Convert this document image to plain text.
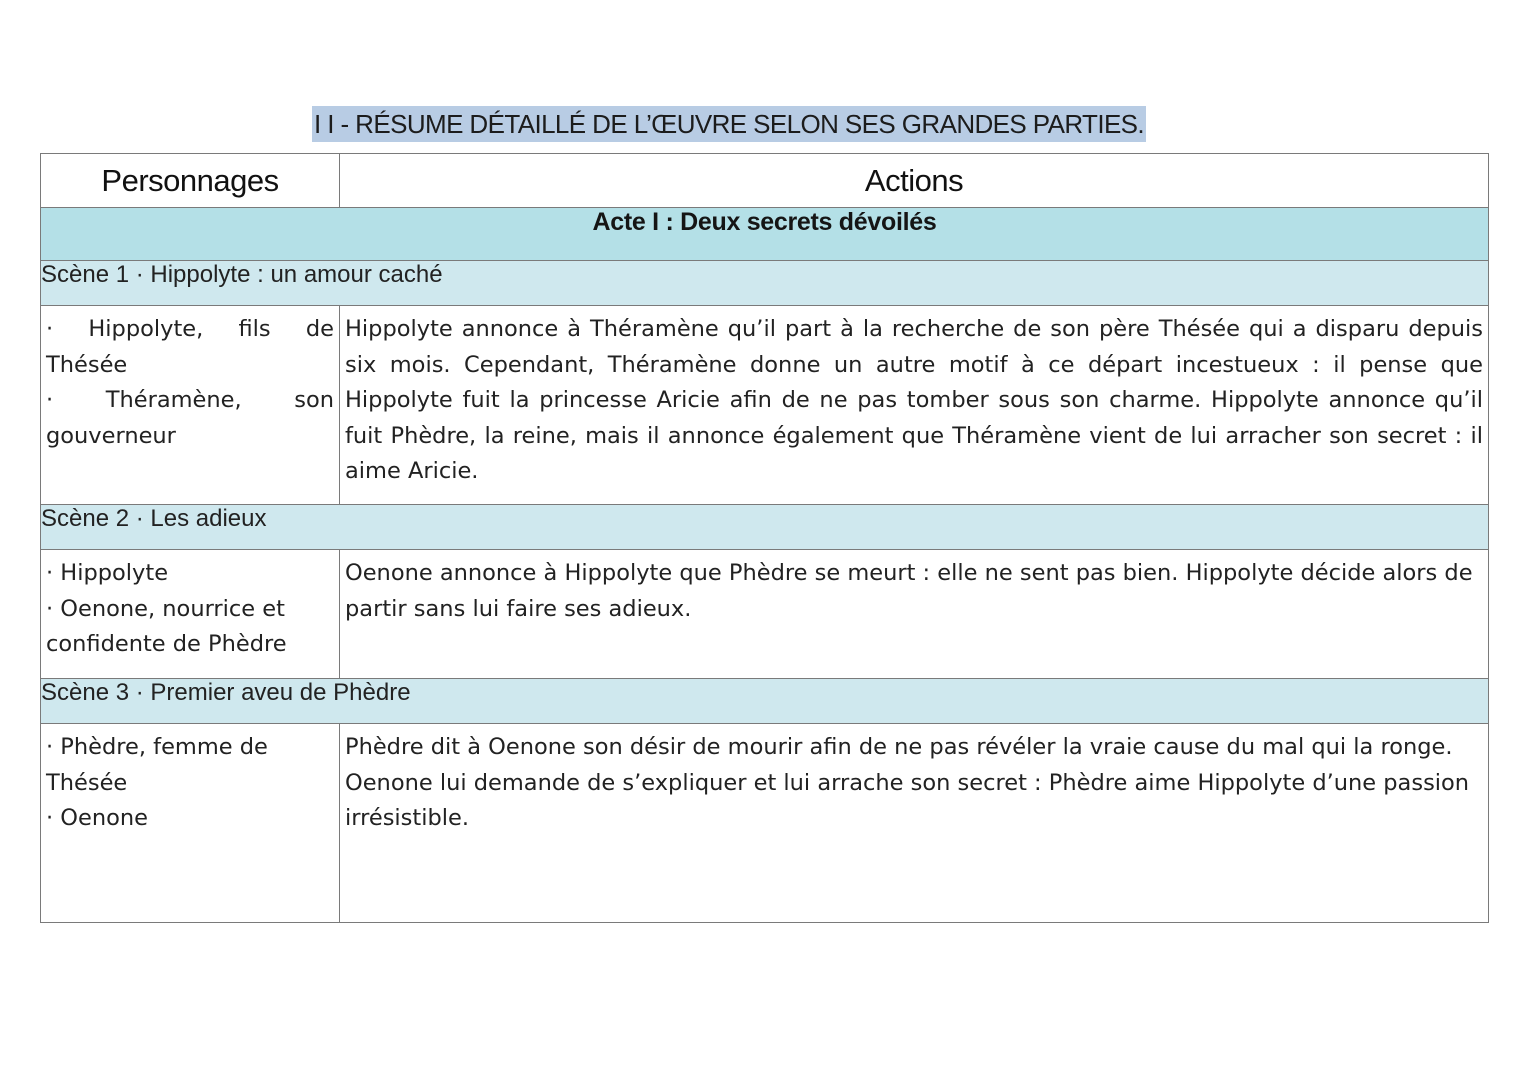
I I - RÉSUME DÉTAILLÉ DE L’ŒUVRE SELON SES GRANDES PARTIES.
Personnages	Actions
Acte I : Deux secrets dévoilés	
Scène 1 · Hippolyte : un amour caché	

· Hippolyte, fils de Thésée
· Théramène, son gouverneur	Hippolyte annonce à Théramène qu’il part à la recherche de son père Thésée qui a disparu depuis six mois. Cependant, Théramène donne un autre motif à ce départ incestueux : il pense que Hippolyte fuit la princesse Aricie afin de ne pas tomber sous son charme. Hippolyte annonce qu’il fuit Phèdre, la reine, mais il annonce également que Théramène vient de lui arracher son secret : il aime Aricie.
Scène 2 · Les adieux	

· Hippolyte
· Oenone, nourrice et confidente de Phèdre	Oenone annonce à Hippolyte que Phèdre se meurt : elle ne sent pas bien. Hippolyte décide alors de partir sans lui faire ses adieux.
Scène 3 · Premier aveu de Phèdre	

· Phèdre, femme de Thésée
· Oenone	Phèdre dit à Oenone son désir de mourir afin de ne pas révéler la vraie cause du mal qui la ronge. Oenone lui demande de s’expliquer et lui arrache son secret : Phèdre aime Hippolyte d’une passion irrésistible.
